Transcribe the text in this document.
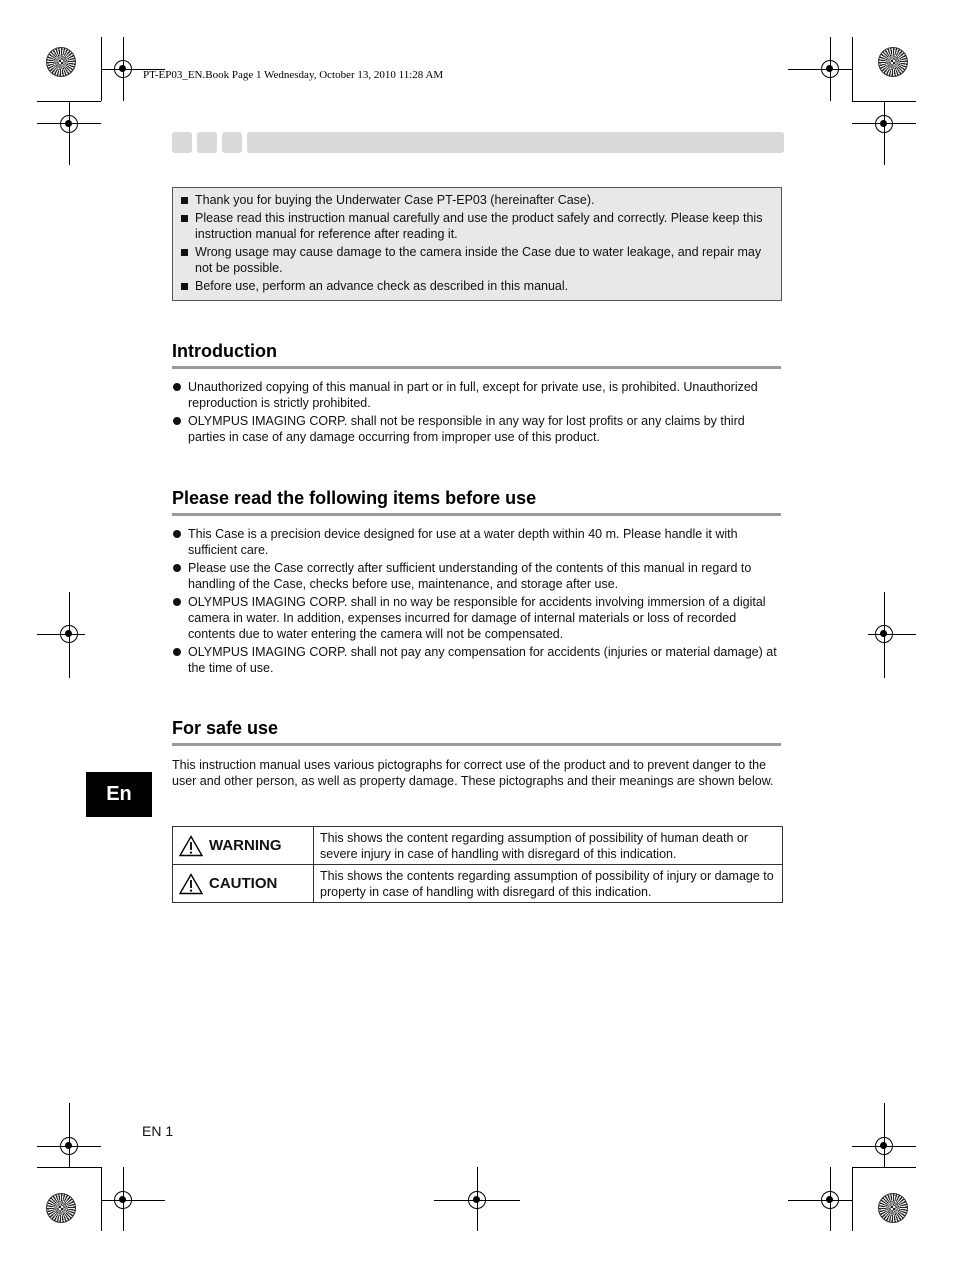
PT-EP03_EN.Book Page 1 Wednesday, October 13, 2010 11:28 AM
Thank you for buying the Underwater Case PT-EP03 (hereinafter Case).
Please read this instruction manual carefully and use the product safely and correctly. Please keep this instruction manual for reference after reading it.
Wrong usage may cause damage to the camera inside the Case due to water leakage, and repair may not be possible.
Before use, perform an advance check as described in this manual.
Introduction
Unauthorized copying of this manual in part or in full, except for private use, is prohibited. Unauthorized reproduction is strictly prohibited.
OLYMPUS IMAGING CORP. shall not be responsible in any way for lost profits or any claims by third parties in case of any damage occurring from improper use of this product.
Please read the following items before use
This Case is a precision device designed for use at a water depth within 40 m. Please handle it with sufficient care.
Please use the Case correctly after sufficient understanding of the contents of this manual in regard to handling of the Case, checks before use, maintenance, and storage after use.
OLYMPUS IMAGING CORP. shall in no way be responsible for accidents involving immersion of a digital camera in water. In addition, expenses incurred for damage of internal materials or loss of recorded contents due to water entering the camera will not be compensated.
OLYMPUS IMAGING CORP. shall not pay any compensation for accidents (injuries or material damage) at the time of use.
For safe use
This instruction manual uses various pictographs for correct use of the product and to prevent danger to the user and other person, as well as property damage. These pictographs and their meanings are shown below.
WARNING	This shows the content regarding assumption of possibility of human death or severe injury in case of handling with disregard of this indication.
CAUTION	This shows the contents regarding assumption of possibility of injury or damage to property in case of handling with disregard of this indication.
En
EN 1
